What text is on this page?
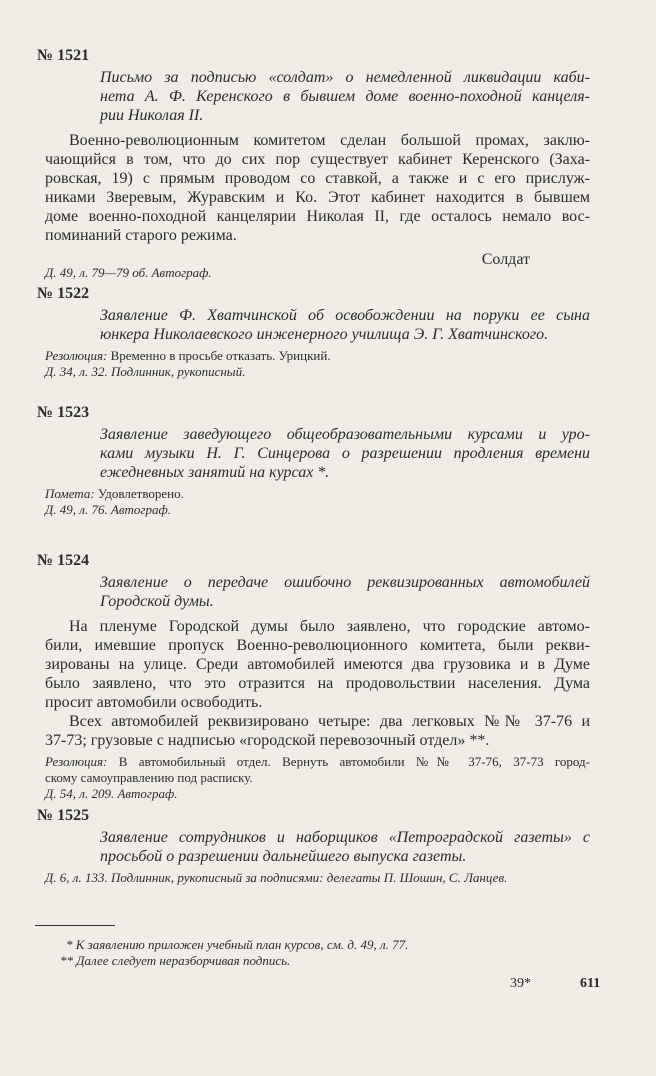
№ 1521
Письмо за подписью «солдат» о немедленной ликвидации каби-
нета А. Ф. Керенского в бывшем доме военно-походной канцеля-
рии Николая II.
Военно-революционным комитетом сделан большой промах, заклю-
чающийся в том, что до сих пор существует кабинет Керенского (Заха-
ровская, 19) с прямым проводом со ставкой, а также и с его прислуж-
никами Зверевым, Журавским и Ко. Этот кабинет находится в бывшем
доме военно-походной канцелярии Николая II, где осталось немало вос-
поминаний старого режима.
Солдат
Д. 49, л. 79—79 об. Автограф.
№ 1522
Заявление Ф. Хватчинской об освобождении на поруки ее сына
юнкера Николаевского инженерного училища Э. Г. Хватчинского.
Резолюция: Временно в просьбе отказать. Урицкий.
Д. 34, л. 32. Подлинник, рукописный.
№ 1523
Заявление заведующего общеобразовательными курсами и уро-
ками музыки Н. Г. Синцерова о разрешении продления времени
ежедневных занятий на курсах *.
Помета: Удовлетворено.
Д. 49, л. 76. Автограф.
№ 1524
Заявление о передаче ошибочно реквизированных автомобилей
Городской думы.
На пленуме Городской думы было заявлено, что городские автомо-
били, имевшие пропуск Военно-революционного комитета, были рекви-
зированы на улице. Среди автомобилей имеются два грузовика и в Думе
было заявлено, что это отразится на продовольствии населения. Дума
просит автомобили освободить.
Всех автомобилей реквизировано четыре: два легковых №№ 37-76 и
37-73; грузовые с надписью «городской перевозочный отдел» **.
Резолюция: В автомобильный отдел. Вернуть автомобили №№ 37-76, 37-73 город-
скому самоуправлению под расписку.
Д. 54, л. 209. Автограф.
№ 1525
Заявление сотрудников и наборщиков «Петроградской газеты» с
просьбой о разрешении дальнейшего выпуска газеты.
Д. 6, л. 133. Подлинник, рукописный за подписями: делегаты П. Шошин, С. Ланцев.
* К заявлению приложен учебный план курсов, см. д. 49, л. 77.
** Далее следует неразборчивая подпись.
39*	611
